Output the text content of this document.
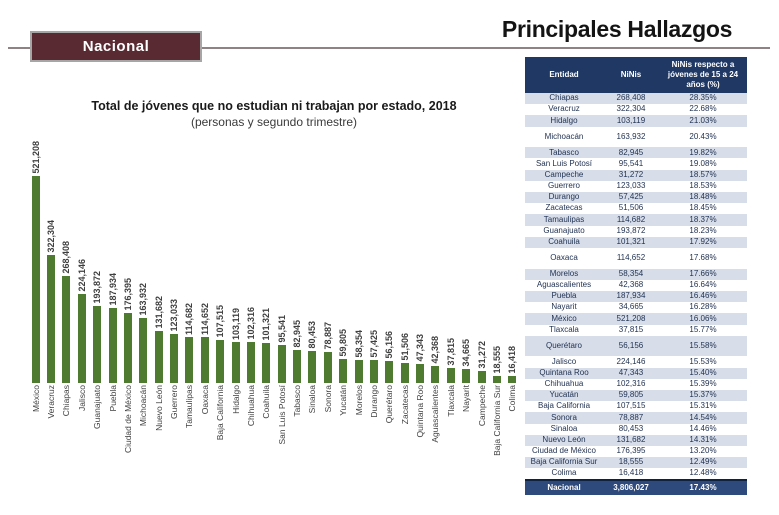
Nacional
Principales Hallazgos
Total de jóvenes que no estudian ni trabajan por estado, 2018
(personas y segundo trimestre)
521,208
322,304
268,408
224,146 193,872 187,934 176,395 163,932 131,682 123,033 114,682 114,652 107,515 103,119 102,316 101,321 95,541 82,945 80,453 78,887 59,805 58,354 57,425 56,156 51,506 47,343 42,368 37,815 34,665 31,272 18,555 16,418
México Veracruz Chiapas Jalisco Guanajuato Puebla Ciudad de México Michoacán Nuevo León Guerrero Tamaulipas Oaxaca Baja California Hidalgo Chihuahua Coahuila San Luis Potosí Tabasco Sinaloa Sonora Yucatán Morelos Durango Querétaro Zacatecas Quintana Roo Aguascalientes Tlaxcala Nayarit Campeche Baja California Sur Colima
Entidad	NiNis	NiNis respecto a jóvenes de 15 a 24 años (%)
Chiapas	268,408	28.35%
Veracruz	322,304	22.68%
Hidalgo	103,119	21.03%
Michoacán	163,932	20.43%
Tabasco	82,945	19.82%
San Luis Potosí	95,541	19.08%
Campeche	31,272	18.57%
Guerrero	123,033	18.53%
Durango	57,425	18.48%
Zacatecas	51,506	18.45%
Tamaulipas	114,682	18.37%
Guanajuato	193,872	18.23%
Coahuila	101,321	17.92%
Oaxaca	114,652	17.68%
Morelos	58,354	17.66%
Aguascalientes	42,368	16.64%
Puebla	187,934	16.46%
Nayarit	34,665	16.28%
México	521,208	16.06%
Tlaxcala	37,815	15.77%
Querétaro	56,156	15.58%
Jalisco	224,146	15.53%
Quintana Roo	47,343	15.40%
Chihuahua	102,316	15.39%
Yucatán	59,805	15.37%
Baja California	107,515	15.31%
Sonora	78,887	14.54%
Sinaloa	80,453	14.46%
Nuevo León	131,682	14.31%
Ciudad de México	176,395	13.20%
Baja California Sur	18,555	12.49%
Colima	16,418	12.48%
Nacional	3,806,027	17.43%
